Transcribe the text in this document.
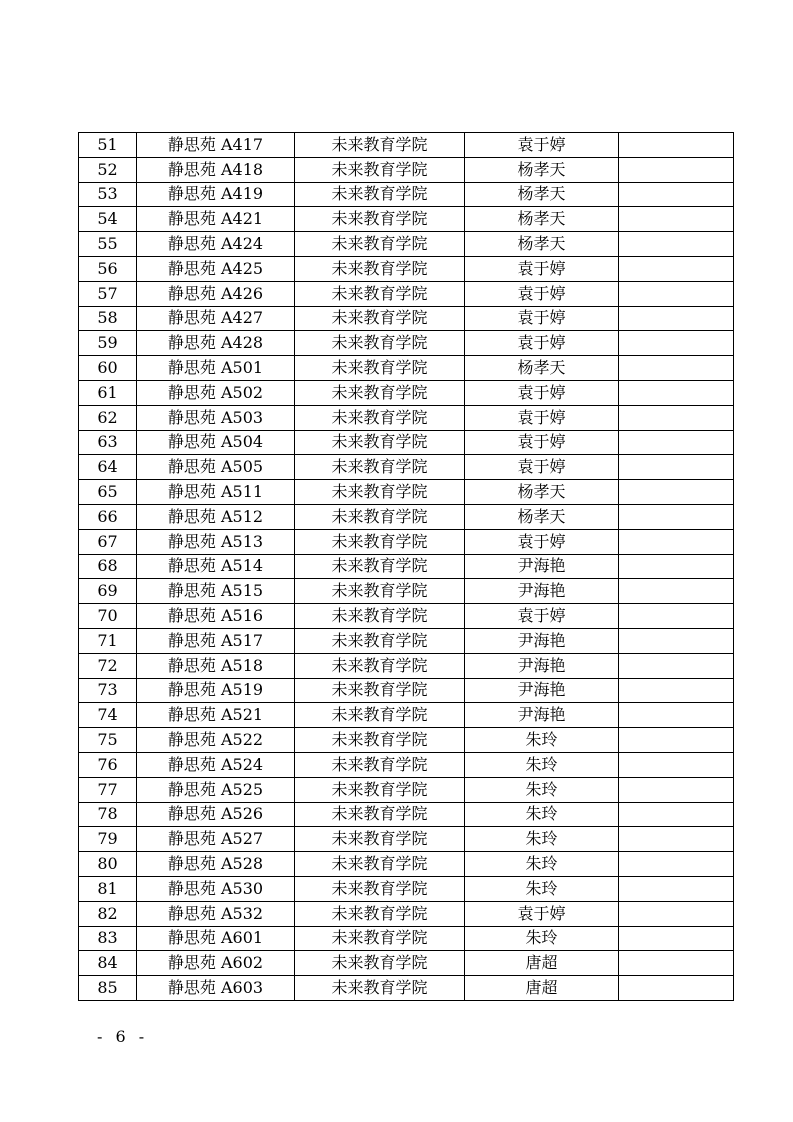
51	静思苑 A417	未来教育学院	袁于婷	
52	静思苑 A418	未来教育学院	杨孝天	
53	静思苑 A419	未来教育学院	杨孝天	
54	静思苑 A421	未来教育学院	杨孝天	
55	静思苑 A424	未来教育学院	杨孝天	
56	静思苑 A425	未来教育学院	袁于婷	
57	静思苑 A426	未来教育学院	袁于婷	
58	静思苑 A427	未来教育学院	袁于婷	
59	静思苑 A428	未来教育学院	袁于婷	
60	静思苑 A501	未来教育学院	杨孝天	
61	静思苑 A502	未来教育学院	袁于婷	
62	静思苑 A503	未来教育学院	袁于婷	
63	静思苑 A504	未来教育学院	袁于婷	
64	静思苑 A505	未来教育学院	袁于婷	
65	静思苑 A511	未来教育学院	杨孝天	
66	静思苑 A512	未来教育学院	杨孝天	
67	静思苑 A513	未来教育学院	袁于婷	
68	静思苑 A514	未来教育学院	尹海艳	
69	静思苑 A515	未来教育学院	尹海艳	
70	静思苑 A516	未来教育学院	袁于婷	
71	静思苑 A517	未来教育学院	尹海艳	
72	静思苑 A518	未来教育学院	尹海艳	
73	静思苑 A519	未来教育学院	尹海艳	
74	静思苑 A521	未来教育学院	尹海艳	
75	静思苑 A522	未来教育学院	朱玲	
76	静思苑 A524	未来教育学院	朱玲	
77	静思苑 A525	未来教育学院	朱玲	
78	静思苑 A526	未来教育学院	朱玲	
79	静思苑 A527	未来教育学院	朱玲	
80	静思苑 A528	未来教育学院	朱玲	
81	静思苑 A530	未来教育学院	朱玲	
82	静思苑 A532	未来教育学院	袁于婷	
83	静思苑 A601	未来教育学院	朱玲	
84	静思苑 A602	未来教育学院	唐超	
85	静思苑 A603	未来教育学院	唐超	
- 6 -
